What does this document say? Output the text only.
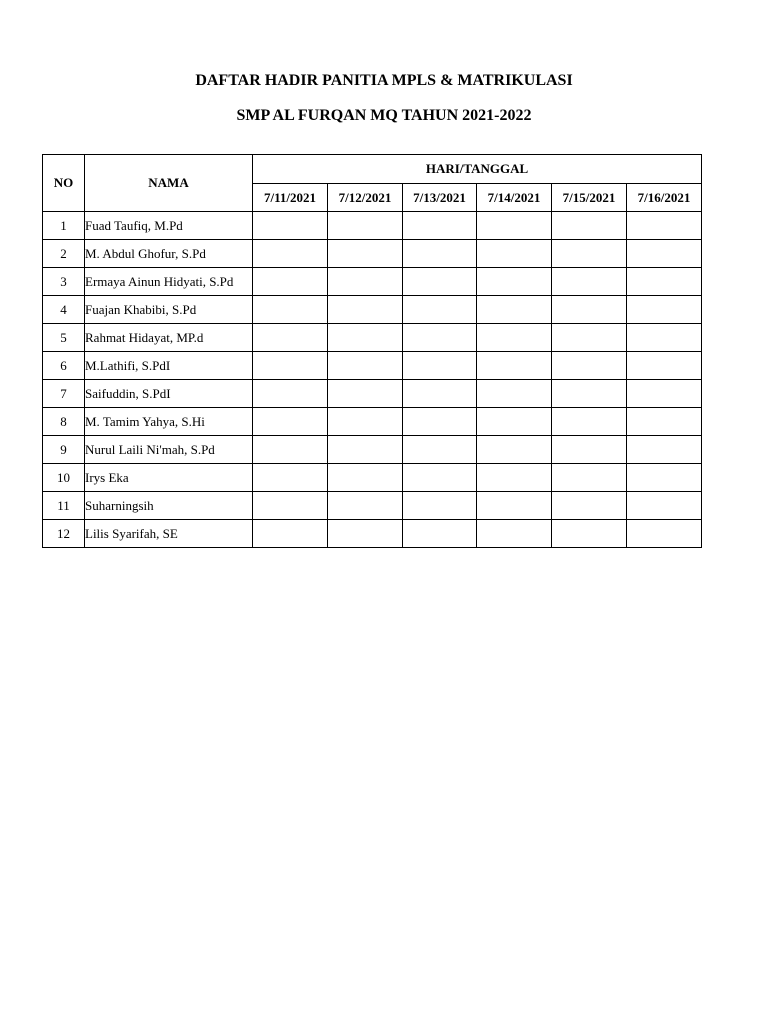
DAFTAR HADIR PANITIA MPLS & MATRIKULASI
SMP AL FURQAN MQ TAHUN 2021-2022
NO	NAMA	HARI/TANGGAL					
		7/11/2021	7/12/2021	7/13/2021	7/14/2021	7/15/2021	7/16/2021
1	Fuad Taufiq, M.Pd						
2	M. Abdul Ghofur, S.Pd						
3	Ermaya Ainun Hidyati, S.Pd						
4	Fuajan Khabibi, S.Pd						
5	Rahmat Hidayat, MP.d						
6	M.Lathifi, S.PdI						
7	Saifuddin, S.PdI						
8	M. Tamim Yahya, S.Hi						
9	Nurul Laili Ni'mah, S.Pd						
10	Irys Eka						
11	Suharningsih						
12	Lilis Syarifah, SE						
